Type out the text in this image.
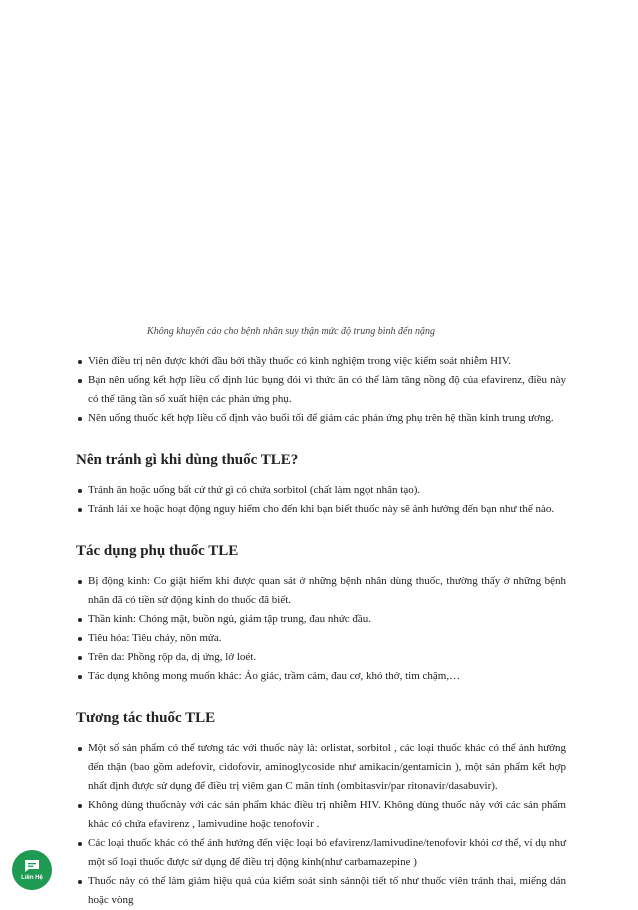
Không khuyến cáo cho bệnh nhân suy thận mức độ trung bình đến nặng
Viên điều trị nên được khởi đầu bởi thầy thuốc có kinh nghiệm trong việc kiểm soát nhiễm HIV.
Bạn nên uống kết hợp liều cố định lúc bụng đói vì thức ăn có thể làm tăng nồng độ của efavirenz, điều này có thể tăng tần số xuất hiện các phản ứng phụ.
Nên uống thuốc kết hợp liều cố định vào buổi tối để giảm các phản ứng phụ trên hệ thần kinh trung ương.
Nên tránh gì khi dùng thuốc TLE?
Tránh ăn hoặc uống bất cứ thứ gì có chứa sorbitol (chất làm ngọt nhân tạo).
Tránh lái xe hoặc hoạt động nguy hiểm cho đến khi bạn biết thuốc này sẽ ảnh hưởng đến bạn như thế nào.
Tác dụng phụ thuốc TLE
Bị động kinh: Co giật hiếm khi được quan sát ở những bệnh nhân dùng thuốc, thường thấy ở những bệnh nhân đã có tiền sử động kinh do thuốc đã biết.
Thần kinh: Chóng mặt, buồn ngủ, giảm tập trung, đau nhức đầu.
Tiêu hóa: Tiêu chảy, nôn mửa.
Trên da: Phồng rộp da, dị ứng, lở loét.
Tác dụng không mong muốn khác: Ảo giác, trầm cảm, đau cơ, khó thở, tim chậm,…
Tương tác thuốc TLE
Một số sản phẩm có thể tương tác với thuốc này là: orlistat, sorbitol , các loại thuốc khác có thể ảnh hưởng đến thận (bao gồm adefovir, cidofovir, aminoglycoside như amikacin/gentamicin ), một sản phẩm kết hợp nhất định được sử dụng để điều trị viêm gan C mãn tính (ombitasvir/par ritonavir/dasabuvir).
Không dùng thuốcnày với các sản phẩm khác điều trị nhiễm HIV. Không dùng thuốc này với các sản phẩm khác có chứa efavirenz , lamivudine hoặc tenofovir .
Các loại thuốc khác có thể ảnh hưởng đến việc loại bỏ efavirenz/lamivudine/tenofovir khỏi cơ thể, ví dụ như một số loại thuốc được sử dụng để điều trị động kinh(như carbamazepine )
Thuốc này có thể làm giảm hiệu quả của kiểm soát sinh sảnnội tiết tố như thuốc viên tránh thai, miếng dán hoặc vòng
Liên Hệ
